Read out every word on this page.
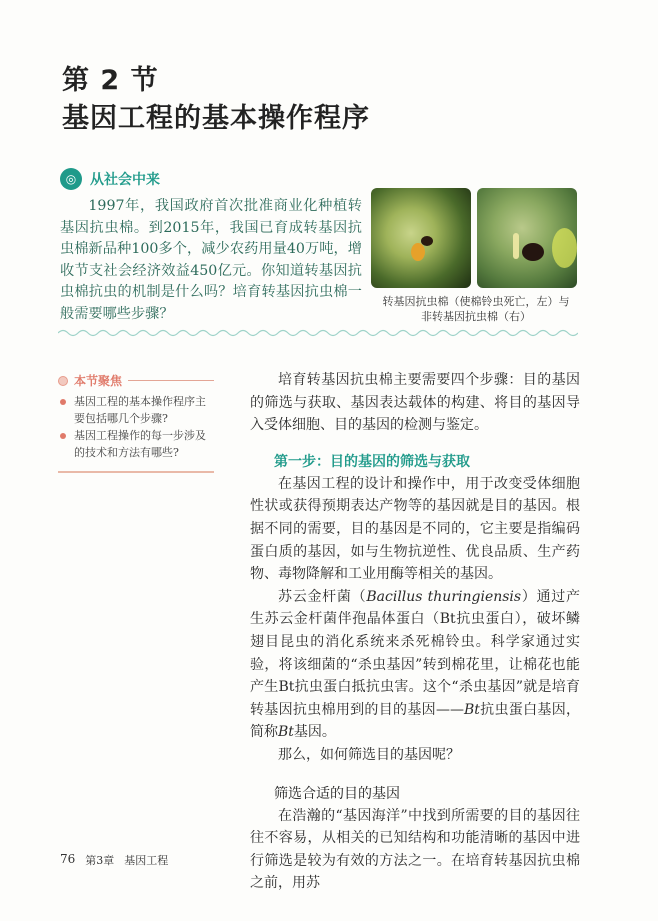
第 2 节
基因工程的基本操作程序
◎ 从社会中来
1997年，我国政府首次批准商业化种植转基因抗虫棉。到2015年，我国已育成转基因抗虫棉新品种100多个，减少农药用量40万吨，增收节支社会经济效益450亿元。你知道转基因抗虫棉抗虫的机制是什么吗？培育转基因抗虫棉一般需要哪些步骤？
转基因抗虫棉（使棉铃虫死亡，左）与
非转基因抗虫棉（右）
本节聚焦
基因工程的基本操作程序主要包括哪几个步骤?
基因工程操作的每一步涉及的技术和方法有哪些?

培育转基因抗虫棉主要需要四个步骤：目的基因的筛选与获取、基因表达载体的构建、将目的基因导入受体细胞、目的基因的检测与鉴定。

第一步：目的基因的筛选与获取

在基因工程的设计和操作中，用于改变受体细胞性状或获得预期表达产物等的基因就是目的基因。根据不同的需要，目的基因是不同的，它主要是指编码蛋白质的基因，如与生物抗逆性、优良品质、生产药物、毒物降解和工业用酶等相关的基因。

苏云金杆菌（Bacillus thuringiensis）通过产生苏云金杆菌伴孢晶体蛋白（Bt抗虫蛋白），破坏鳞翅目昆虫的消化系统来杀死棉铃虫。科学家通过实验，将该细菌的“杀虫基因”转到棉花里，让棉花也能产生Bt抗虫蛋白抵抗虫害。这个“杀虫基因”就是培育转基因抗虫棉用到的目的基因——Bt抗虫蛋白基因，简称Bt基因。

那么，如何筛选目的基因呢？

筛选合适的目的基因

在浩瀚的“基因海洋”中找到所需要的目的基因往往不容易，从相关的已知结构和功能清晰的基因中进行筛选是较为有效的方法之一。在培育转基因抗虫棉之前，用苏

76 第3章 基因工程
